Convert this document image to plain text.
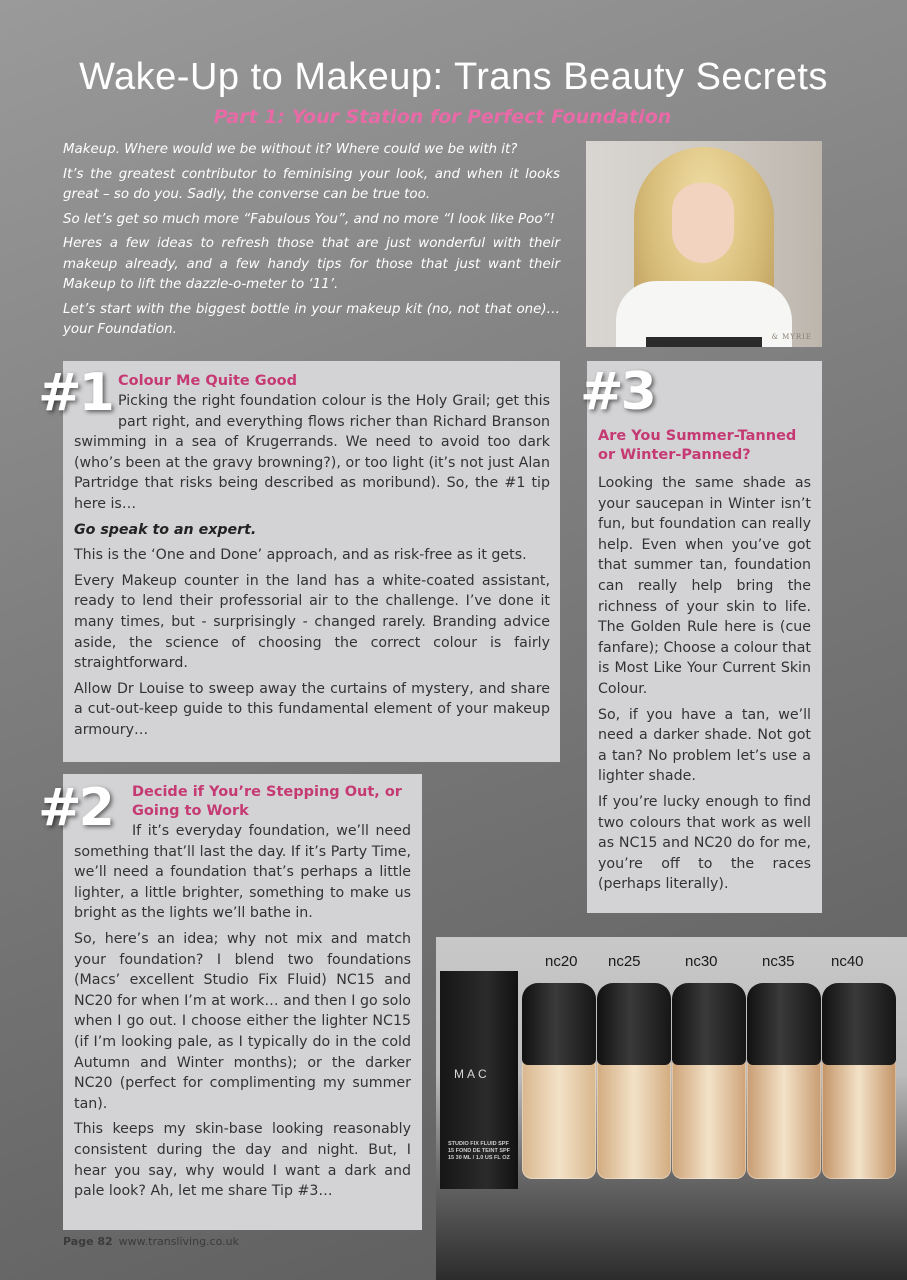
Wake-Up to Makeup: Trans Beauty Secrets
Part 1: Your Station for Perfect Foundation

Makeup. Where would we be without it? Where could we be with it?

It’s the greatest contributor to feminising your look, and when it looks great – so do you. Sadly, the converse can be true too.

So let’s get so much more “Fabulous You”, and no more “I look like Poo”!

Heres a few ideas to refresh those that are just wonderful with their makeup already, and a few handy tips for those that just want their Makeup to lift the dazzle-o-meter to ‘11’.

Let’s start with the biggest bottle in your makeup kit (no, not that one)… your Foundation.	& MYRIE
Colour Me Quite Good

Picking the right foundation colour is the Holy Grail; get this part right, and everything flows richer than Richard Branson swimming in a sea of Krugerrands. We need to avoid too dark (who’s been at the gravy browning?), or too light (it’s not just Alan Partridge that risks being described as moribund). So, the #1 tip here is…

Go speak to an expert.

This is the ‘One and Done’ approach, and as risk-free as it gets.

Every Makeup counter in the land has a white-coated assistant, ready to lend their professorial air to the challenge. I’ve done it many times, but - surprisingly - changed rarely. Branding advice aside, the science of choosing the correct colour is fairly straightforward.

Allow Dr Louise to sweep away the curtains of mystery, and share a cut-out-keep guide to this fundamental element of your makeup armoury…

#1
Decide if You’re Stepping Out, or Going to Work

If it’s everyday foundation, we’ll need something that’ll last the day. If it’s Party Time, we’ll need a foundation that’s perhaps a little lighter, a little brighter, something to make us bright as the lights we’ll bathe in.

So, here’s an idea; why not mix and match your foundation? I blend two foundations (Macs’ excellent Studio Fix Fluid) NC15 and NC20 for when I’m at work… and then I go solo when I go out. I choose either the lighter NC15 (if I’m looking pale, as I typically do in the cold Autumn and Winter months); or the darker NC20 (perfect for complimenting my summer tan).

This keeps my skin-base looking reasonably consistent during the day and night. But, I hear you say, why would I want a dark and pale look? Ah, let me share Tip #3…

#2
Are You Summer-Tanned or Winter-Panned?

Looking the same shade as your saucepan in Winter isn’t fun, but foundation can really help. Even when you’ve got that summer tan, foundation can really help bring the richness of your skin to life. The Golden Rule here is (cue fanfare); Choose a colour that is Most Like Your Current Skin Colour.

So, if you have a tan, we’ll need a darker shade. Not got a tan? No problem let’s use a lighter shade.

If you’re lucky enough to find two colours that work as well as NC15 and NC20 do for me, you’re off to the races (perhaps literally).

#3
nc20 nc25	nc30	nc35 nc40
MAC
STUDIO FIX FLUID SPF 15 FOND DE TEINT SPF 15 30 ML / 1.0 US FL OZ
Page 82 www.transliving.co.uk
